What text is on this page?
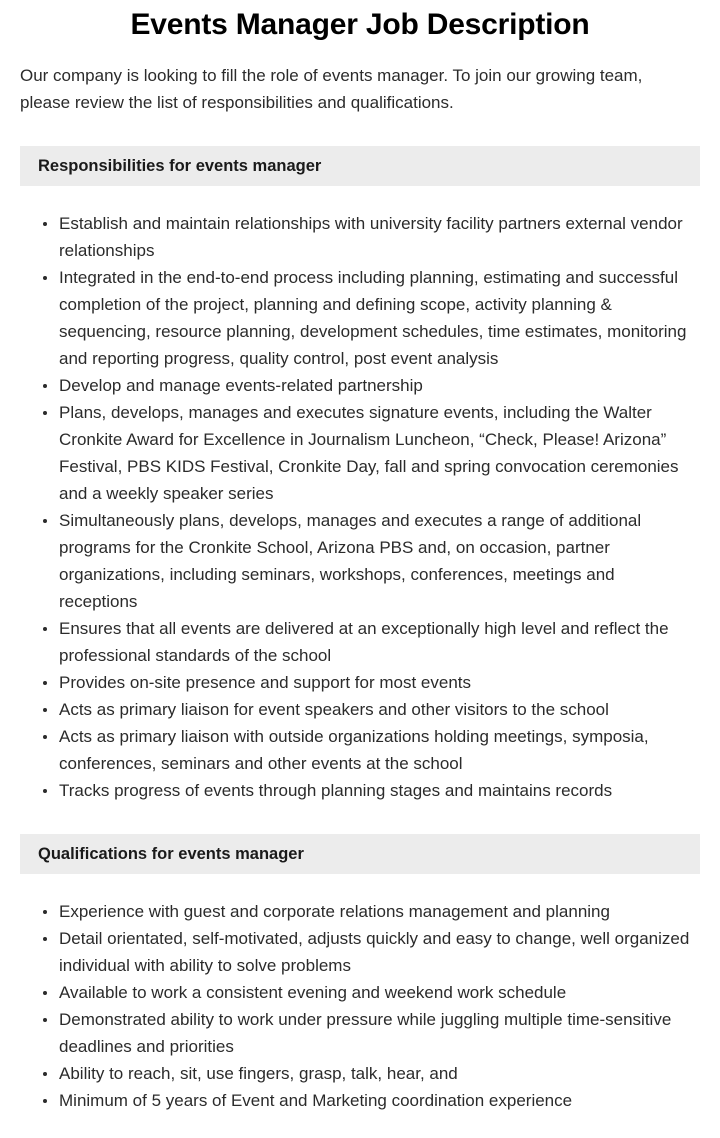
Events Manager Job Description

Our company is looking to fill the role of events manager. To join our growing team, please review the list of responsibilities and qualifications.

Responsibilities for events manager
Establish and maintain relationships with university facility partners external vendor relationships
Integrated in the end-to-end process including planning, estimating and successful completion of the project, planning and defining scope, activity planning & sequencing, resource planning, development schedules, time estimates, monitoring and reporting progress, quality control, post event analysis
Develop and manage events-related partnership
Plans, develops, manages and executes signature events, including the Walter Cronkite Award for Excellence in Journalism Luncheon, “Check, Please! Arizona” Festival, PBS KIDS Festival, Cronkite Day, fall and spring convocation ceremonies and a weekly speaker series
Simultaneously plans, develops, manages and executes a range of additional programs for the Cronkite School, Arizona PBS and, on occasion, partner organizations, including seminars, workshops, conferences, meetings and receptions
Ensures that all events are delivered at an exceptionally high level and reflect the professional standards of the school
Provides on-site presence and support for most events
Acts as primary liaison for event speakers and other visitors to the school
Acts as primary liaison with outside organizations holding meetings, symposia, conferences, seminars and other events at the school
Tracks progress of events through planning stages and maintains records
Qualifications for events manager
Experience with guest and corporate relations management and planning
Detail orientated, self-motivated, adjusts quickly and easy to change, well organized individual with ability to solve problems
Available to work a consistent evening and weekend work schedule
Demonstrated ability to work under pressure while juggling multiple time-sensitive deadlines and priorities
Ability to reach, sit, use fingers, grasp, talk, hear, and
Minimum of 5 years of Event and Marketing coordination experience
